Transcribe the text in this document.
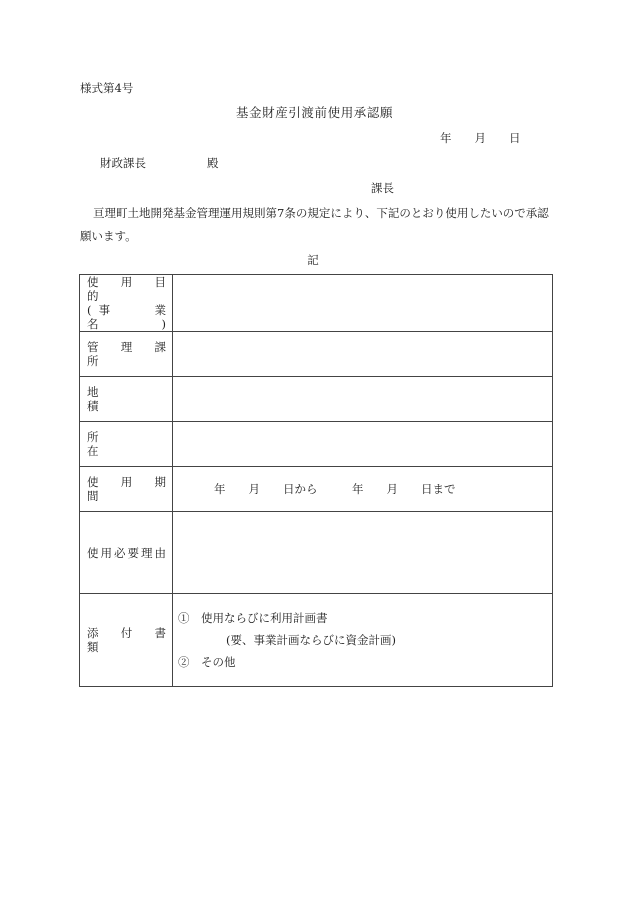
様式第4号
基金財産引渡前使用承認願
年　　月　　日
財政課長	殿
課長
亘理町土地開発基金管理運用規則第7条の規定により、下記のとおり使用したいので承認
願います。
記
使　用　目　的
(事　　業　　名)	

管　理　課　所	

地　　　　　積	

所　　　　　在	

使　用　期　間	年　　月　　日から　　　年　　月　　日まで

使用必要理由	

添　付　書　類	①　使用ならびに利用計画書
(要、事業計画ならびに資金計画)
②　その他
